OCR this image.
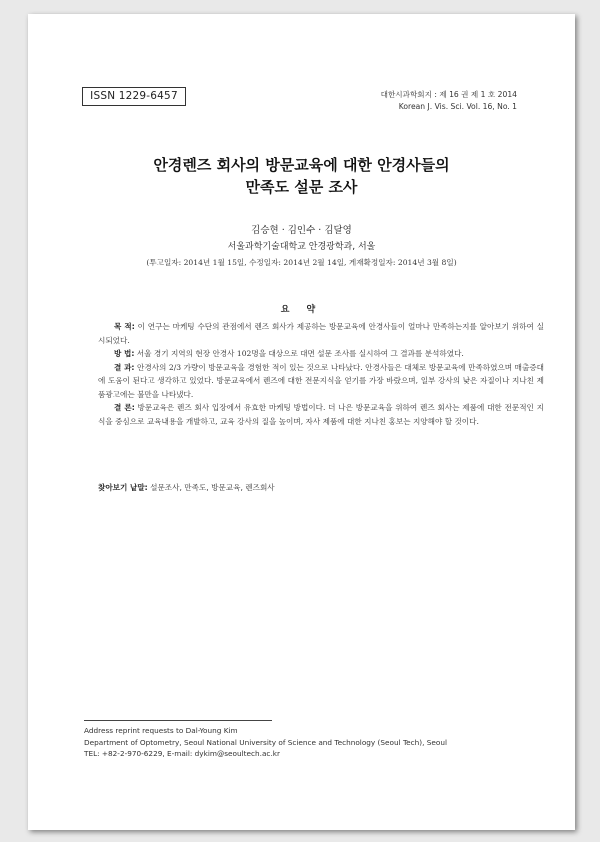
ISSN 1229-6457	대한시과학회지 : 제 16 권 제 1 호 2014
Korean J. Vis. Sci. Vol. 16, No. 1
안경렌즈 회사의 방문교육에 대한 안경사들의
만족도 설문 조사
김승현 · 김인수 · 김달영
서울과학기술대학교 안경광학과, 서울
(투고일자: 2014년 1월 15일, 수정일자: 2014년 2월 14일, 게재확정일자: 2014년 3월 8일)
요 약

목 적: 이 연구는 마케팅 수단의 관점에서 렌즈 회사가 제공하는 방문교육에 안경사들이 얼마나 만족하는지를 알아보기 위하여 실시되었다.

방 법: 서울 경기 지역의 현장 안경사 102명을 대상으로 대면 설문 조사를 실시하여 그 결과를 분석하였다.

결 과: 안경사의 2/3 가량이 방문교육을 경험한 적이 있는 것으로 나타났다. 안경사들은 대체로 방문교육에 만족하였으며 매출증대에 도움이 된다고 생각하고 있었다. 방문교육에서 렌즈에 대한 전문지식을 얻기를 가장 바랐으며, 일부 강사의 낮은 자질이나 지나친 제품광고에는 불만을 나타냈다.

결 론: 방문교육은 렌즈 회사 입장에서 유효한 마케팅 방법이다. 더 나은 방문교육을 위하여 렌즈 회사는 제품에 대한 전문적인 지식을 중심으로 교육내용을 개발하고, 교육 강사의 질을 높이며, 자사 제품에 대한 지나친 홍보는 지양해야 할 것이다.

찾아보기 낱말: 설문조사, 만족도, 방문교육, 렌즈회사
Address reprint requests to Dal-Young Kim
Department of Optometry, Seoul National University of Science and Technology (Seoul Tech), Seoul
TEL: +82-2-970-6229, E-mail: dykim@seoultech.ac.kr
